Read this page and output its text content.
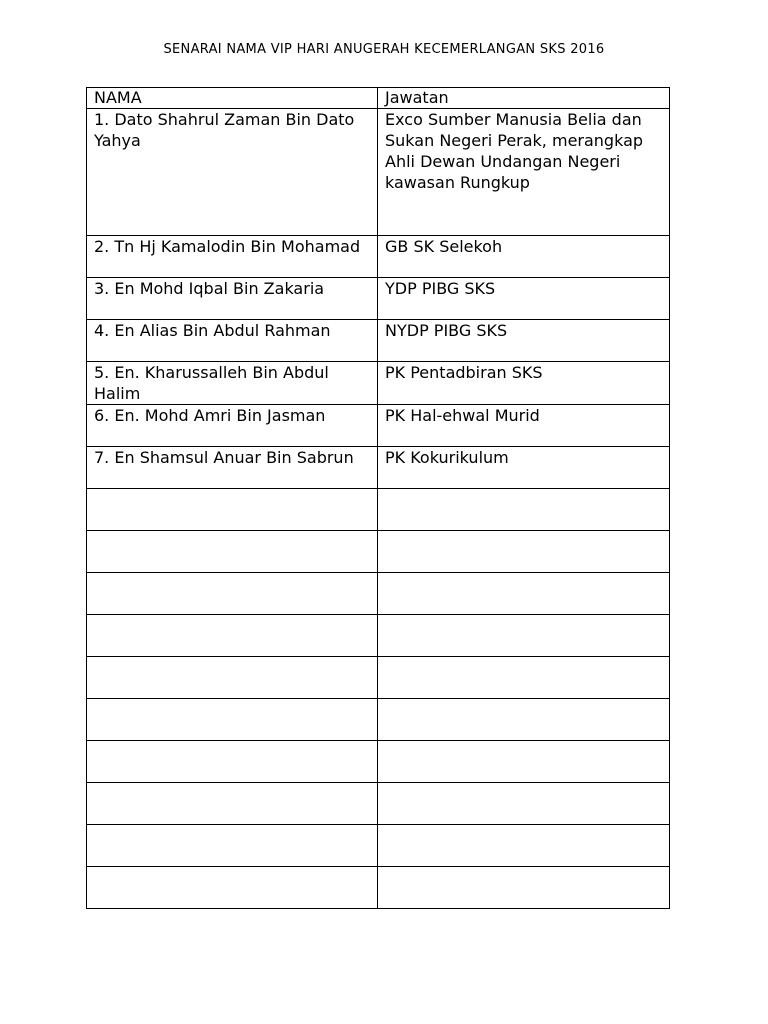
SENARAI NAMA VIP HARI ANUGERAH KECEMERLANGAN SKS 2016
NAMA	Jawatan
1. Dato Shahrul Zaman Bin Dato Yahya	Exco Sumber Manusia Belia dan Sukan Negeri Perak, merangkap Ahli Dewan Undangan Negeri kawasan Rungkup
2. Tn Hj Kamalodin Bin Mohamad	GB SK Selekoh
3. En Mohd Iqbal Bin Zakaria	YDP PIBG SKS
4. En Alias Bin Abdul Rahman	NYDP PIBG SKS
5. En. Kharussalleh Bin Abdul Halim	PK Pentadbiran SKS
6. En. Mohd Amri Bin Jasman	PK Hal-ehwal Murid
7. En Shamsul Anuar Bin Sabrun	PK Kokurikulum
